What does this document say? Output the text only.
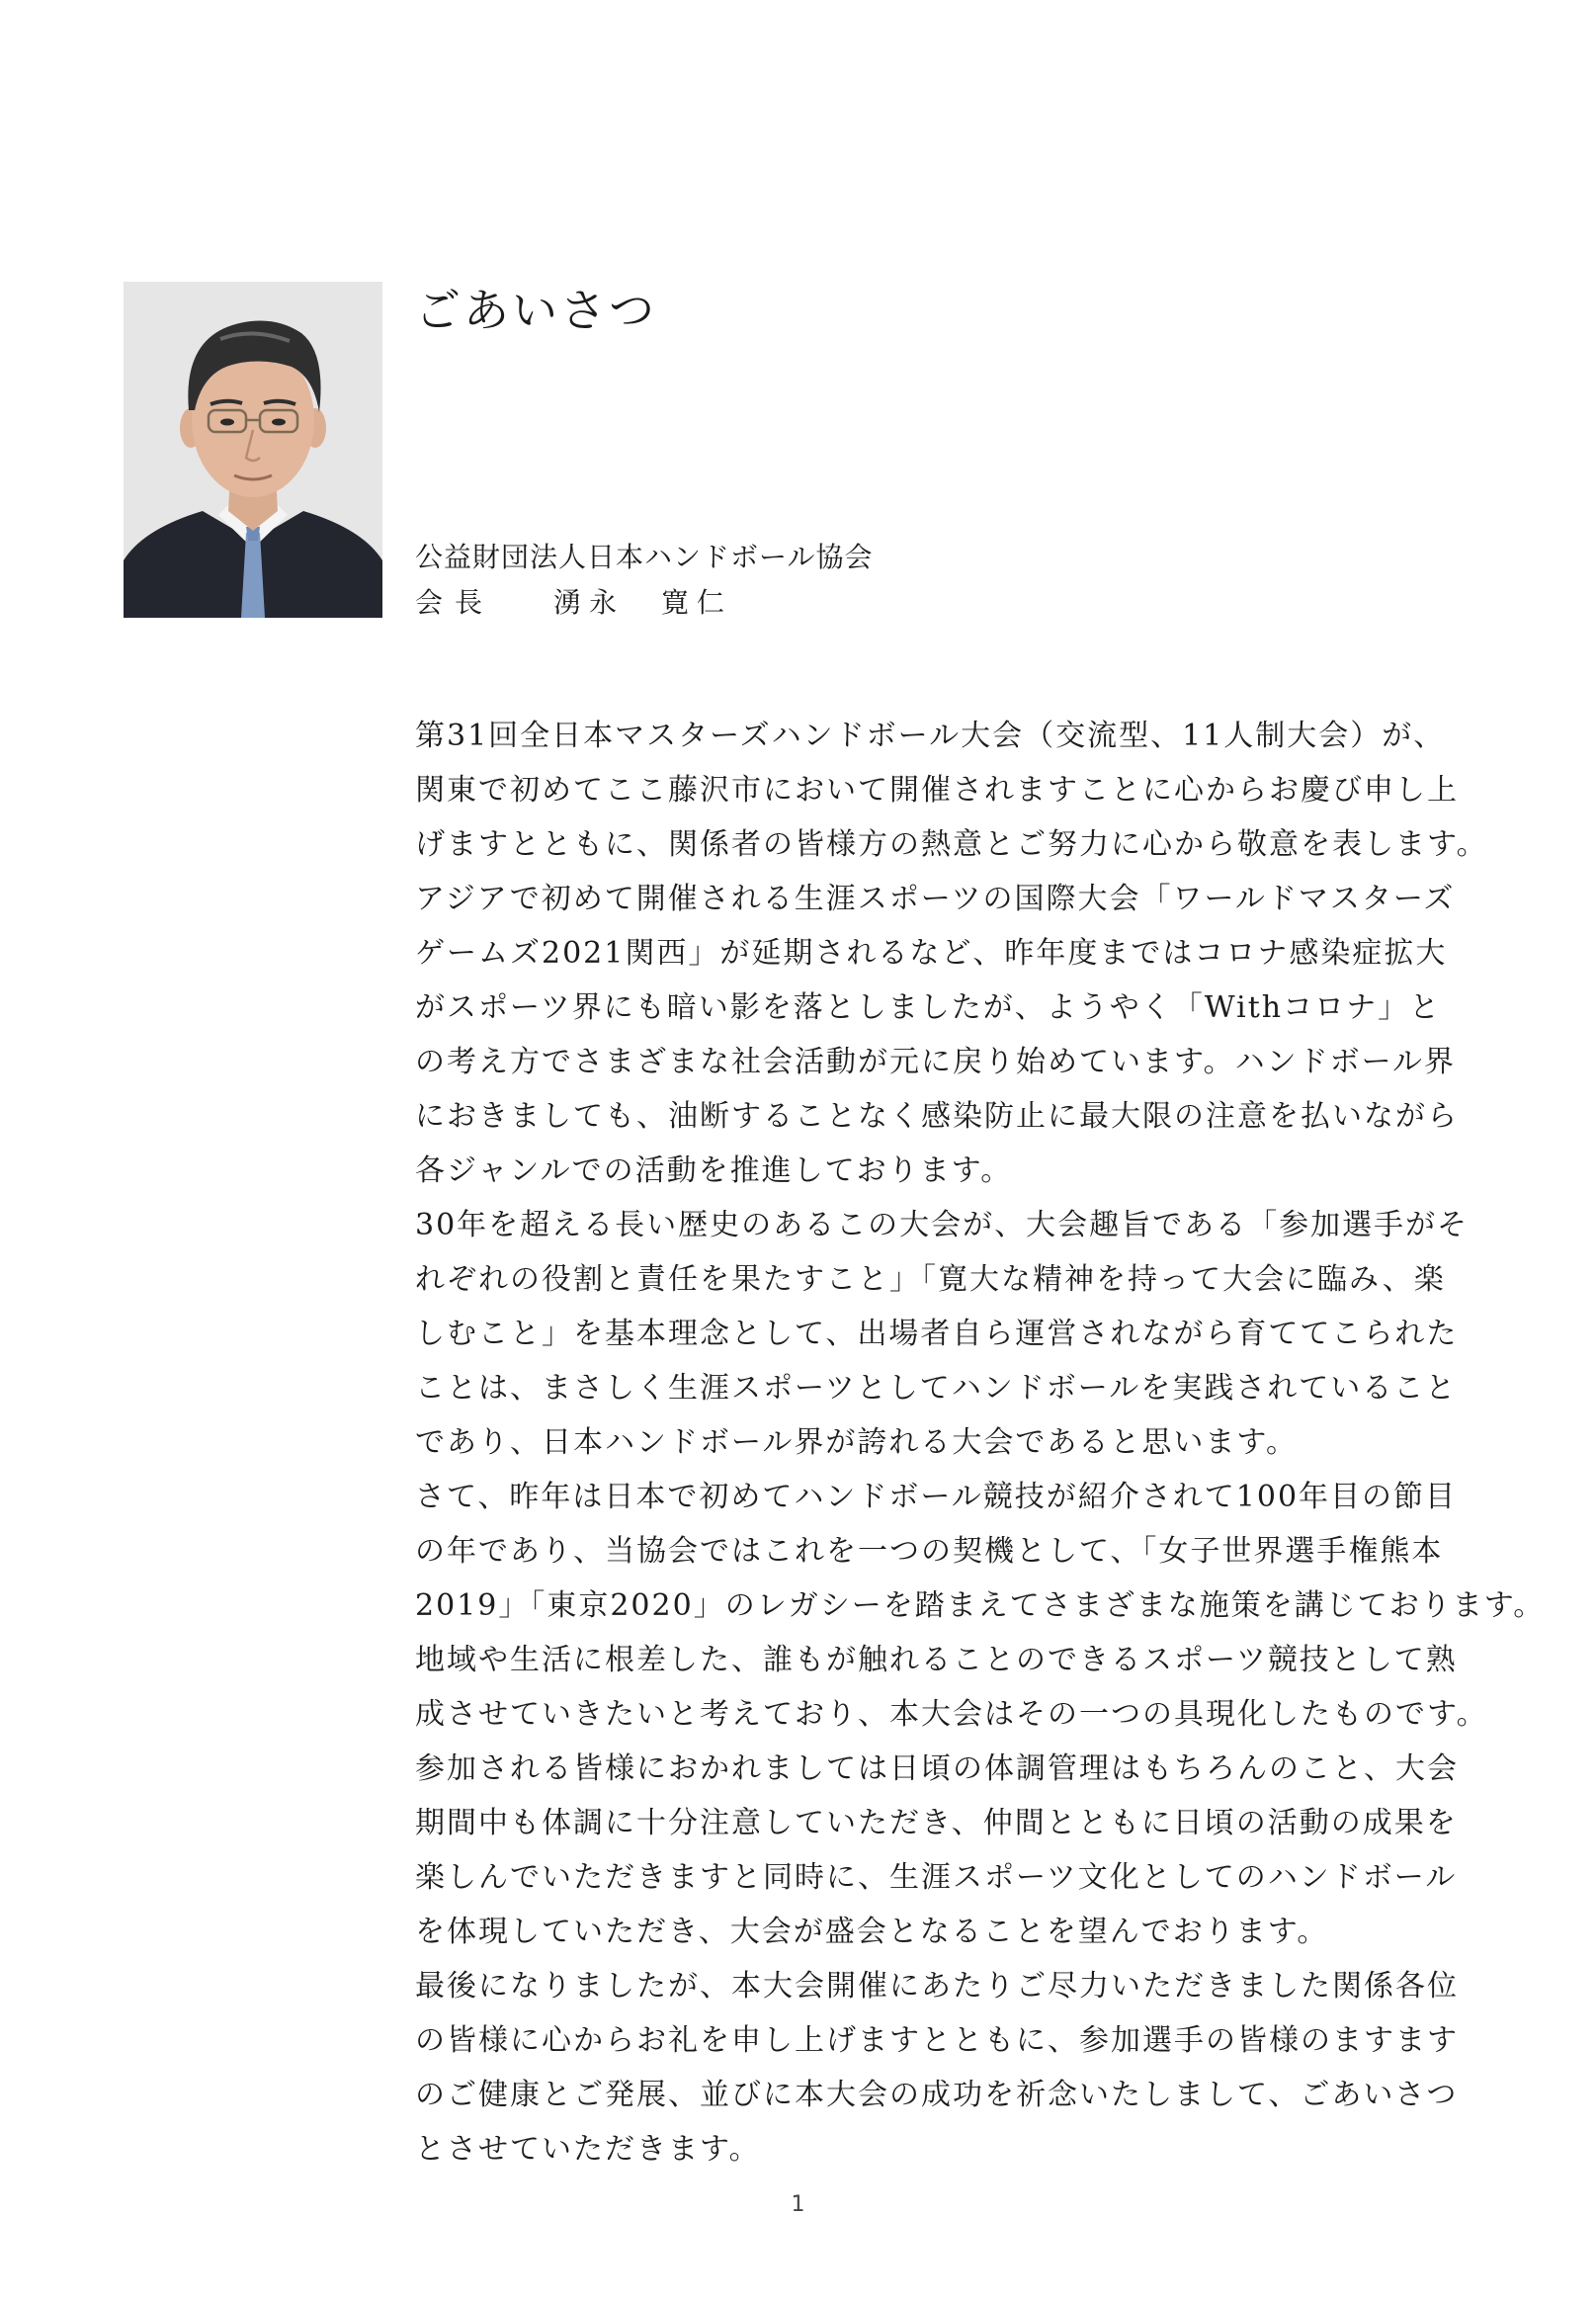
ごあいさつ
公益財団法人日本ハンドボール協会
会長 湧永 寛仁
第31回全日本マスターズハンドボール大会（交流型、11人制大会）が、
関東で初めてここ藤沢市において開催されますことに心からお慶び申し上
げますとともに、関係者の皆様方の熱意とご努力に心から敬意を表します。
アジアで初めて開催される生涯スポーツの国際大会「ワールドマスターズ
ゲームズ2021関西」が延期されるなど、昨年度まではコロナ感染症拡大
がスポーツ界にも暗い影を落としましたが、ようやく「Withコロナ」と
の考え方でさまざまな社会活動が元に戻り始めています。ハンドボール界
におきましても、油断することなく感染防止に最大限の注意を払いながら
各ジャンルでの活動を推進しております。
30年を超える長い歴史のあるこの大会が、大会趣旨である「参加選手がそ
れぞれの役割と責任を果たすこと」「寛大な精神を持って大会に臨み、楽
しむこと」を基本理念として、出場者自ら運営されながら育ててこられた
ことは、まさしく生涯スポーツとしてハンドボールを実践されていること
であり、日本ハンドボール界が誇れる大会であると思います。
さて、昨年は日本で初めてハンドボール競技が紹介されて100年目の節目
の年であり、当協会ではこれを一つの契機として、「女子世界選手権熊本
2019」「東京2020」のレガシーを踏まえてさまざまな施策を講じております。
地域や生活に根差した、誰もが触れることのできるスポーツ競技として熟
成させていきたいと考えており、本大会はその一つの具現化したものです。
参加される皆様におかれましては日頃の体調管理はもちろんのこと、大会
期間中も体調に十分注意していただき、仲間とともに日頃の活動の成果を
楽しんでいただきますと同時に、生涯スポーツ文化としてのハンドボール
を体現していただき、大会が盛会となることを望んでおります。
最後になりましたが、本大会開催にあたりご尽力いただきました関係各位
の皆様に心からお礼を申し上げますとともに、参加選手の皆様のますます
のご健康とご発展、並びに本大会の成功を祈念いたしまして、ごあいさつ
とさせていただきます。
1
